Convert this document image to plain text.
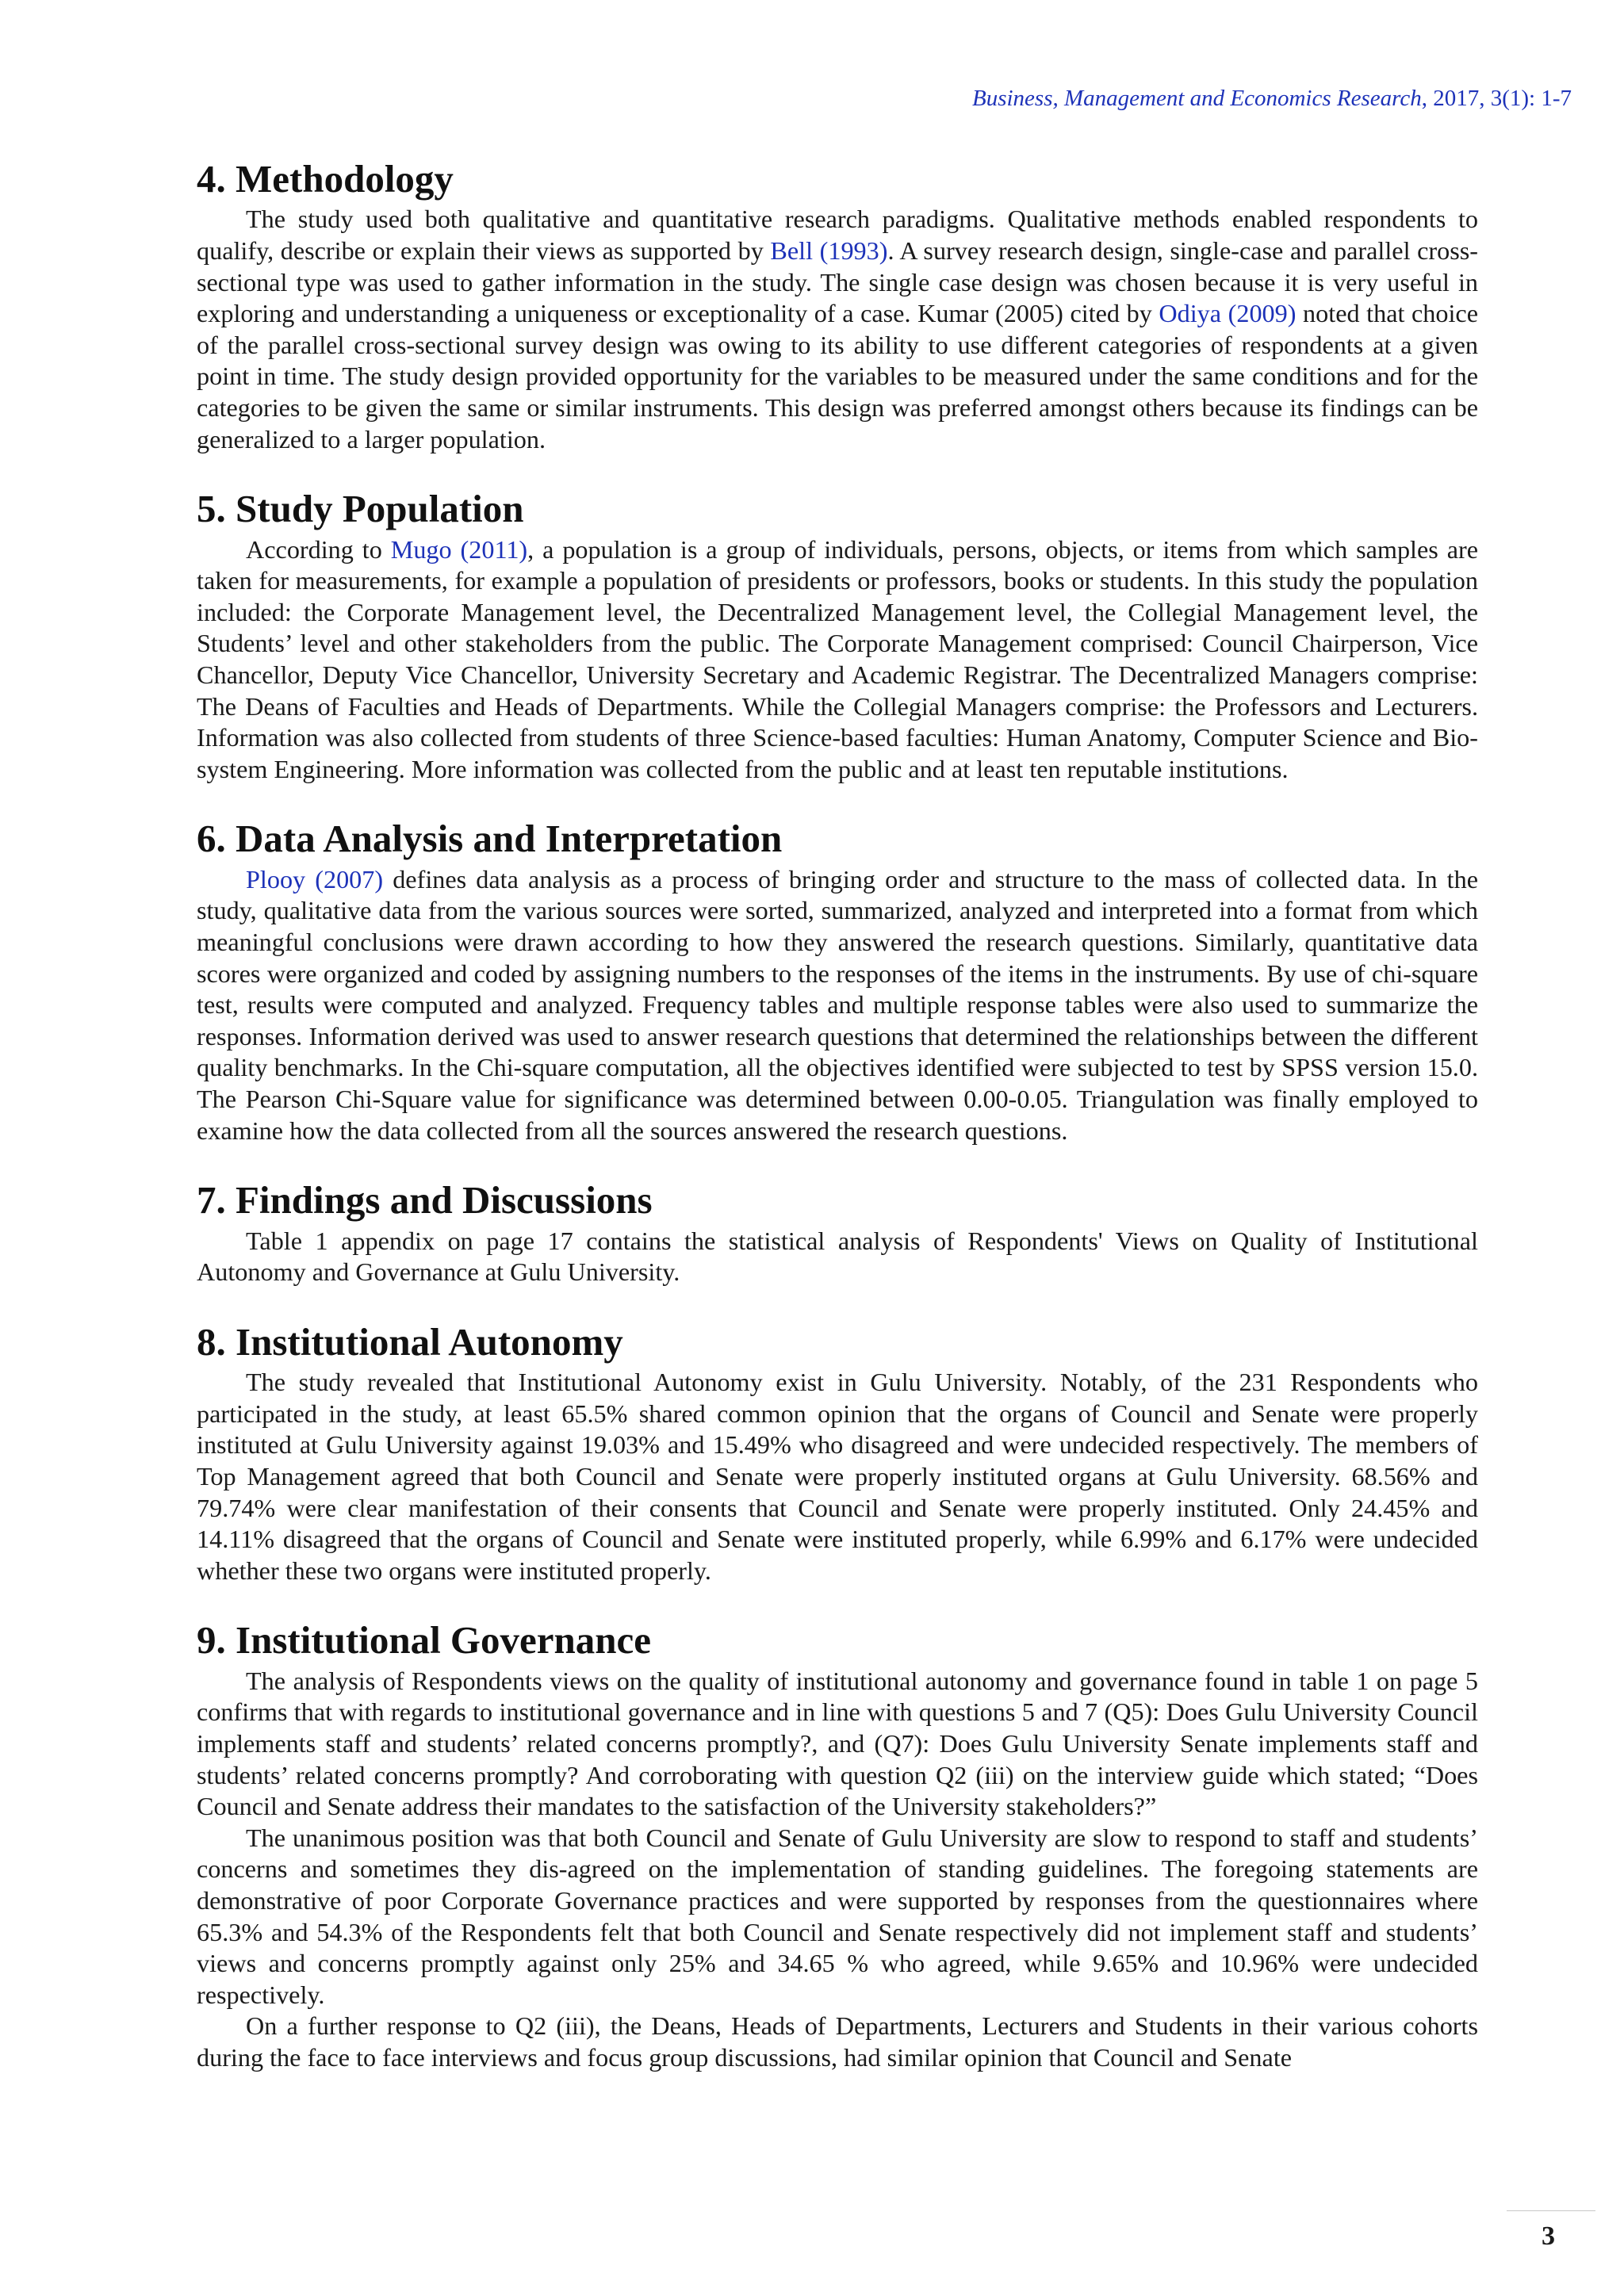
Business, Management and Economics Research, 2017, 3(1): 1-7
4. Methodology

The study used both qualitative and quantitative research paradigms. Qualitative methods enabled respondents to qualify, describe or explain their views as supported by Bell (1993). A survey research design, single-case and parallel cross-sectional type was used to gather information in the study. The single case design was chosen because it is very useful in exploring and understanding a uniqueness or exceptionality of a case. Kumar (2005) cited by Odiya (2009) noted that choice of the parallel cross-sectional survey design was owing to its ability to use different categories of respondents at a given point in time. The study design provided opportunity for the variables to be measured under the same conditions and for the categories to be given the same or similar instruments. This design was preferred amongst others because its findings can be generalized to a larger population.

5. Study Population

According to Mugo (2011), a population is a group of individuals, persons, objects, or items from which samples are taken for measurements, for example a population of presidents or professors, books or students. In this study the population included: the Corporate Management level, the Decentralized Management level, the Collegial Management level, the Students’ level and other stakeholders from the public. The Corporate Management comprised: Council Chairperson, Vice Chancellor, Deputy Vice Chancellor, University Secretary and Academic Registrar. The Decentralized Managers comprise: The Deans of Faculties and Heads of Departments. While the Collegial Managers comprise: the Professors and Lecturers. Information was also collected from students of three Science-based faculties: Human Anatomy, Computer Science and Bio-system Engineering. More information was collected from the public and at least ten reputable institutions.

6. Data Analysis and Interpretation

Plooy (2007) defines data analysis as a process of bringing order and structure to the mass of collected data. In the study, qualitative data from the various sources were sorted, summarized, analyzed and interpreted into a format from which meaningful conclusions were drawn according to how they answered the research questions. Similarly, quantitative data scores were organized and coded by assigning numbers to the responses of the items in the instruments. By use of chi-square test, results were computed and analyzed. Frequency tables and multiple response tables were also used to summarize the responses. Information derived was used to answer research questions that determined the relationships between the different quality benchmarks. In the Chi-square computation, all the objectives identified were subjected to test by SPSS version 15.0. The Pearson Chi-Square value for significance was determined between 0.00-0.05. Triangulation was finally employed to examine how the data collected from all the sources answered the research questions.

7. Findings and Discussions

Table 1 appendix on page 17 contains the statistical analysis of Respondents' Views on Quality of Institutional Autonomy and Governance at Gulu University.

8. Institutional Autonomy

The study revealed that Institutional Autonomy exist in Gulu University. Notably, of the 231 Respondents who participated in the study, at least 65.5% shared common opinion that the organs of Council and Senate were properly instituted at Gulu University against 19.03% and 15.49% who disagreed and were undecided respectively. The members of Top Management agreed that both Council and Senate were properly instituted organs at Gulu University. 68.56% and 79.74% were clear manifestation of their consents that Council and Senate were properly instituted. Only 24.45% and 14.11% disagreed that the organs of Council and Senate were instituted properly, while 6.99% and 6.17% were undecided whether these two organs were instituted properly.

9. Institutional Governance

The analysis of Respondents views on the quality of institutional autonomy and governance found in table 1 on page 5 confirms that with regards to institutional governance and in line with questions 5 and 7 (Q5): Does Gulu University Council implements staff and students’ related concerns promptly?, and (Q7): Does Gulu University Senate implements staff and students’ related concerns promptly? And corroborating with question Q2 (iii) on the interview guide which stated; “Does Council and Senate address their mandates to the satisfaction of the University stakeholders?”

The unanimous position was that both Council and Senate of Gulu University are slow to respond to staff and students’ concerns and sometimes they dis-agreed on the implementation of standing guidelines. The foregoing statements are demonstrative of poor Corporate Governance practices and were supported by responses from the questionnaires where 65.3% and 54.3% of the Respondents felt that both Council and Senate respectively did not implement staff and students’ views and concerns promptly against only 25% and 34.65 % who agreed, while 9.65% and 10.96% were undecided respectively.

On a further response to Q2 (iii), the Deans, Heads of Departments, Lecturers and Students in their various cohorts during the face to face interviews and focus group discussions, had similar opinion that Council and Senate

3
